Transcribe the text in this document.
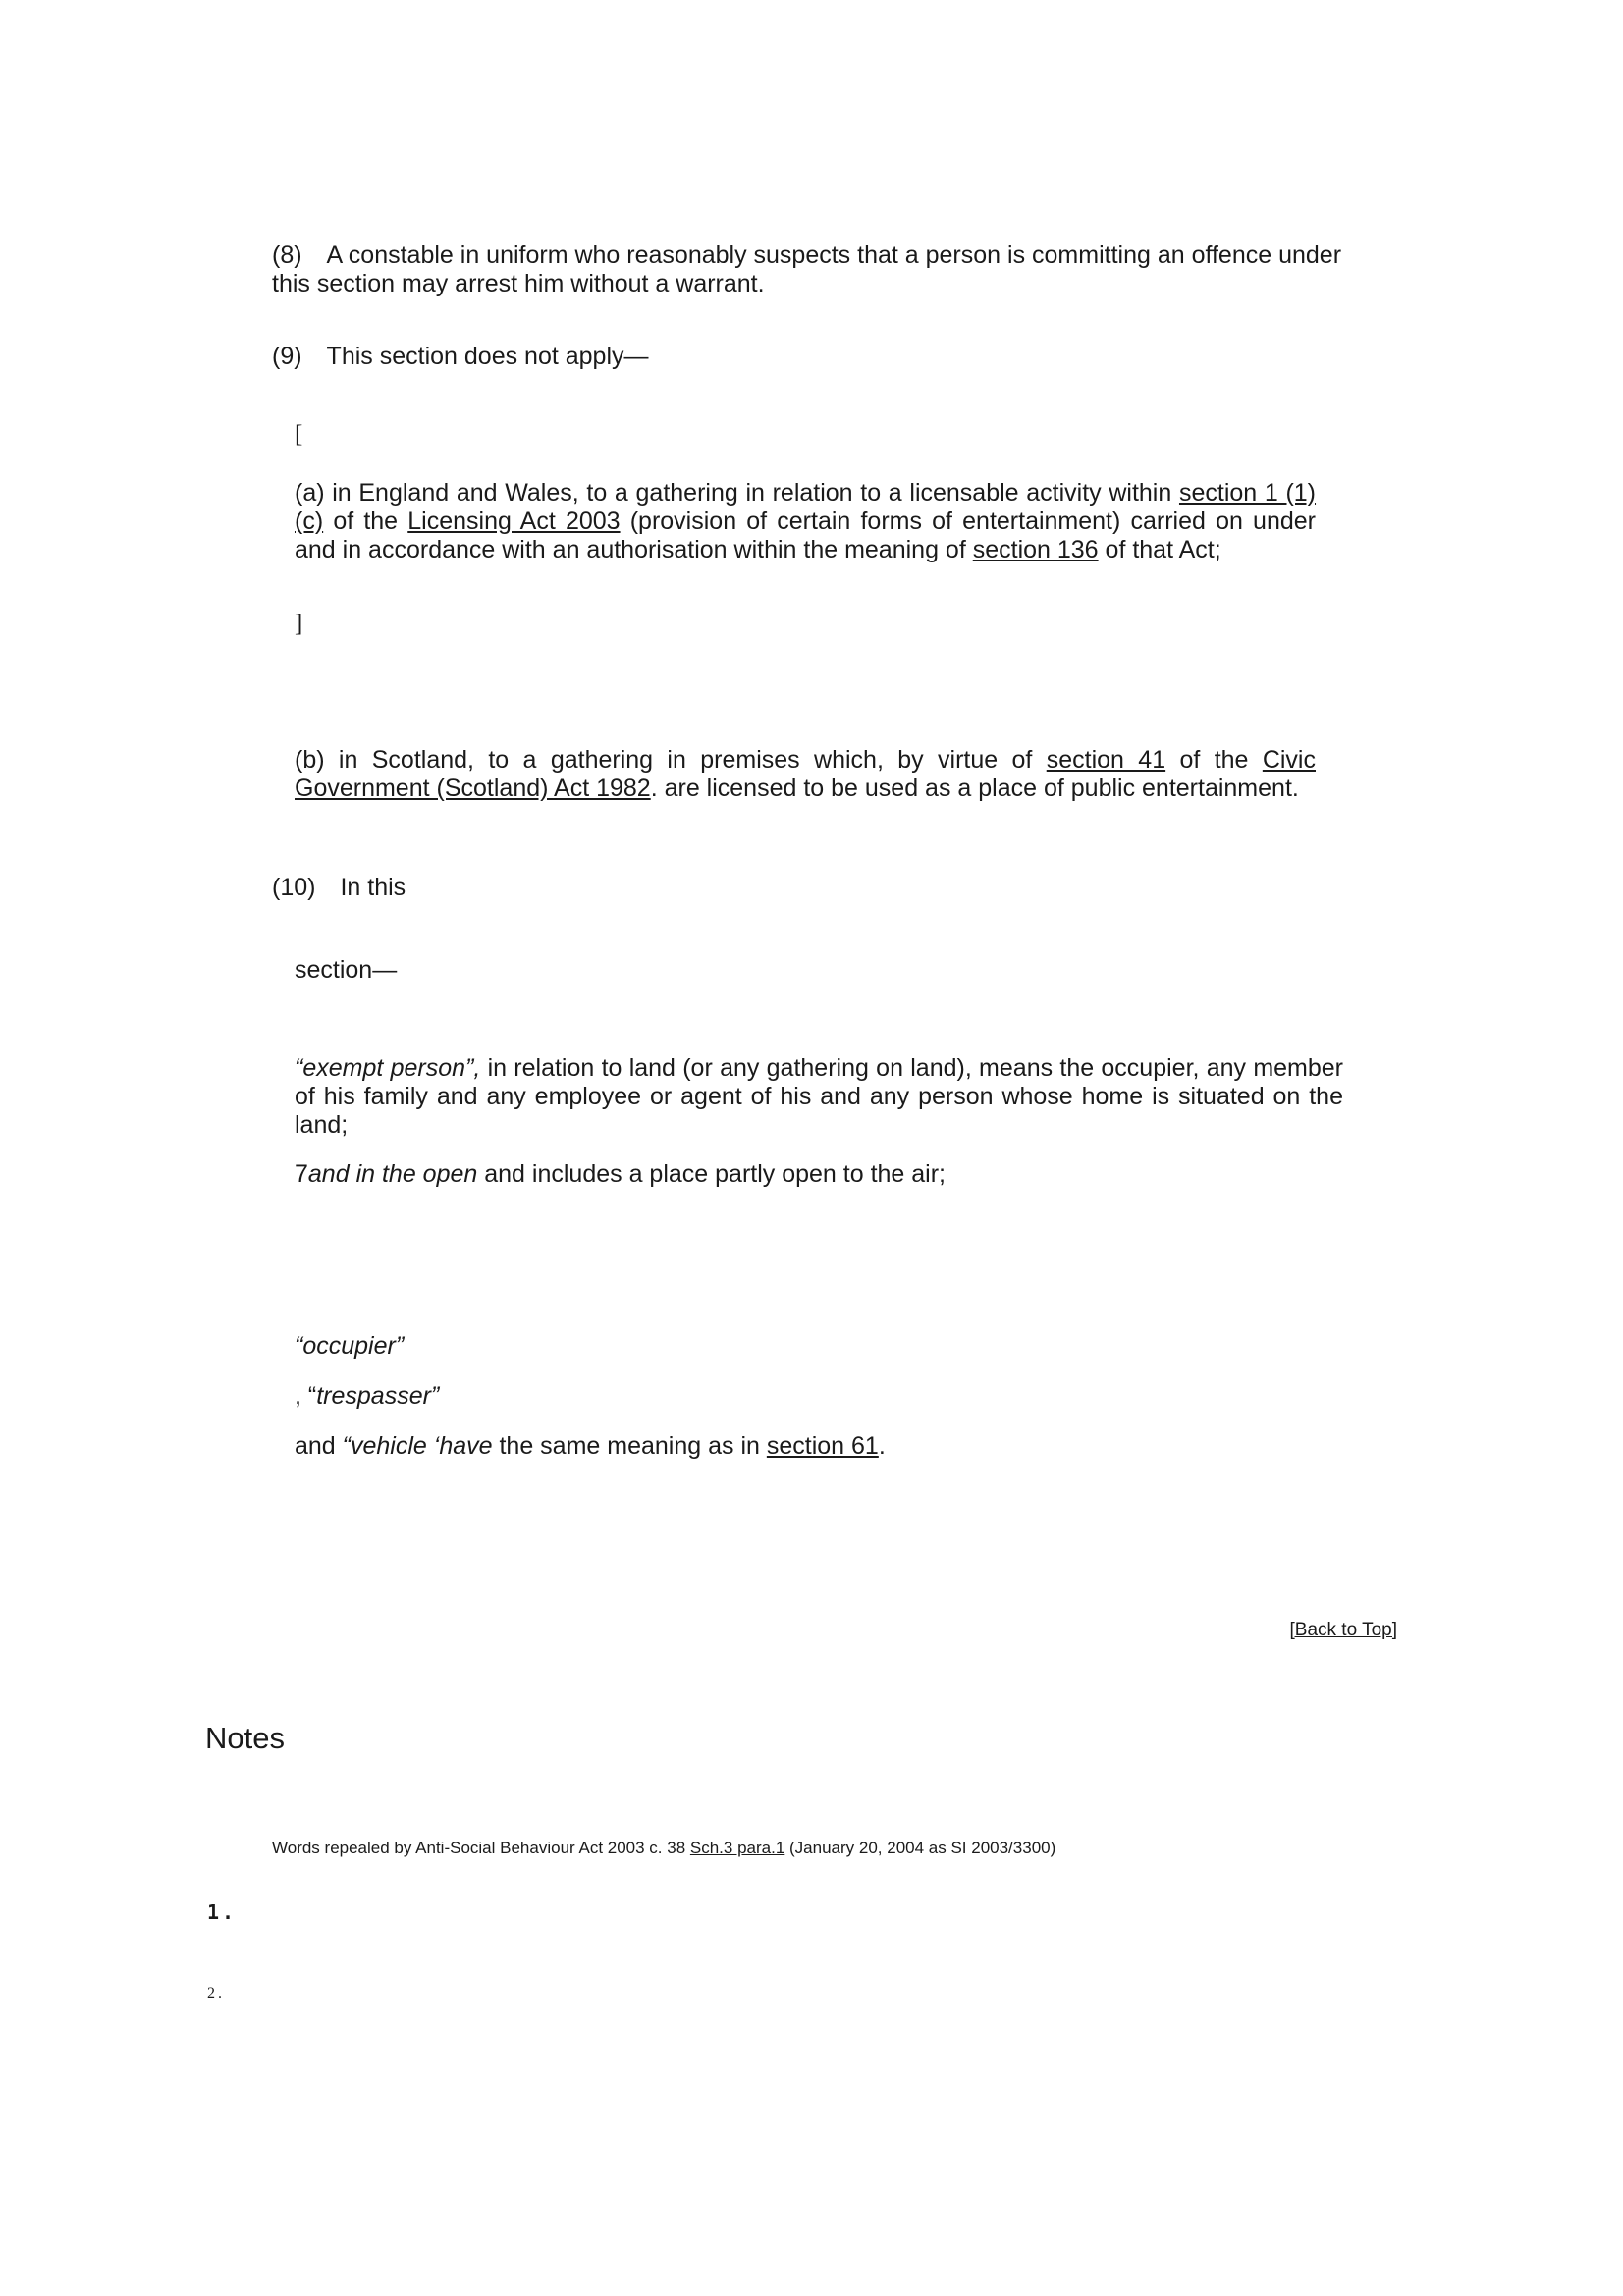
(8) A constable in uniform who reasonably suspects that a person is committing an offence under this section may arrest him without a warrant.
(9) This section does not apply—
[
(a) in England and Wales, to a gathering in relation to a licensable activity within section 1 (1)(c) of the Licensing Act 2003 (provision of certain forms of entertainment) carried on under and in accordance with an authorisation within the meaning of section 136 of that Act;
]
(b) in Scotland, to a gathering in premises which, by virtue of section 41 of the Civic Government (Scotland) Act 1982. are licensed to be used as a place of public entertainment.
(10) In this
section—
“exempt person”, in relation to land (or any gathering on land), means the occupier, any member of his family and any employee or agent of his and any person whose home is situated on the land;
7and in the open and includes a place partly open to the air;
“occupier”
, “trespasser”
and “vehicle ‘have the same meaning as in section 61.
[Back to Top]
Notes
Words repealed by Anti-Social Behaviour Act 2003 c. 38 Sch.3 para.1 (January 20, 2004 as SI 2003/3300)
1.
2.
